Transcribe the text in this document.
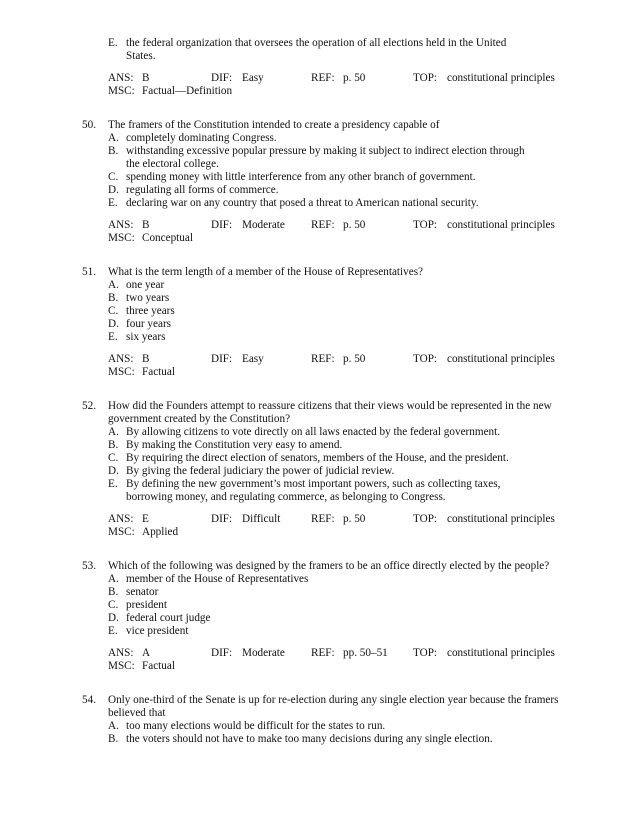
E. the federal organization that oversees the operation of all elections held in the United
States.
ANS: B	DIF: Easy	REF: p. 50	TOP: constitutional principles
MSC: Factual—Definition
50. The framers of the Constitution intended to create a presidency capable of
A. completely dominating Congress.
B. withstanding excessive popular pressure by making it subject to indirect election through
the electoral college.
C. spending money with little interference from any other branch of government.
D. regulating all forms of commerce.
E. declaring war on any country that posed a threat to American national security.
ANS: B	DIF: Moderate REF: p. 50	TOP: constitutional principles
MSC: Conceptual
51. What is the term length of a member of the House of Representatives?
A. one year
B. two years
C. three years
D. four years
E. six years
ANS: B	DIF: Easy	REF: p. 50	TOP: constitutional principles
MSC: Factual
52. How did the Founders attempt to reassure citizens that their views would be represented in the new
government created by the Constitution?
A. By allowing citizens to vote directly on all laws enacted by the federal government.
B. By making the Constitution very easy to amend.
C. By requiring the direct election of senators, members of the House, and the president.
D. By giving the federal judiciary the power of judicial review.
E. By defining the new government’s most important powers, such as collecting taxes,
borrowing money, and regulating commerce, as belonging to Congress.
ANS: E	DIF: Difficult	REF: p. 50	TOP: constitutional principles
MSC: Applied
53. Which of the following was designed by the framers to be an office directly elected by the people?
A. member of the House of Representatives
B. senator
C. president
D. federal court judge
E. vice president
ANS: A	DIF: Moderate REF: pp. 50–51 TOP: constitutional principles
MSC: Factual
54. Only one-third of the Senate is up for re-election during any single election year because the framers
believed that
A. too many elections would be difficult for the states to run.
B. the voters should not have to make too many decisions during any single election.
